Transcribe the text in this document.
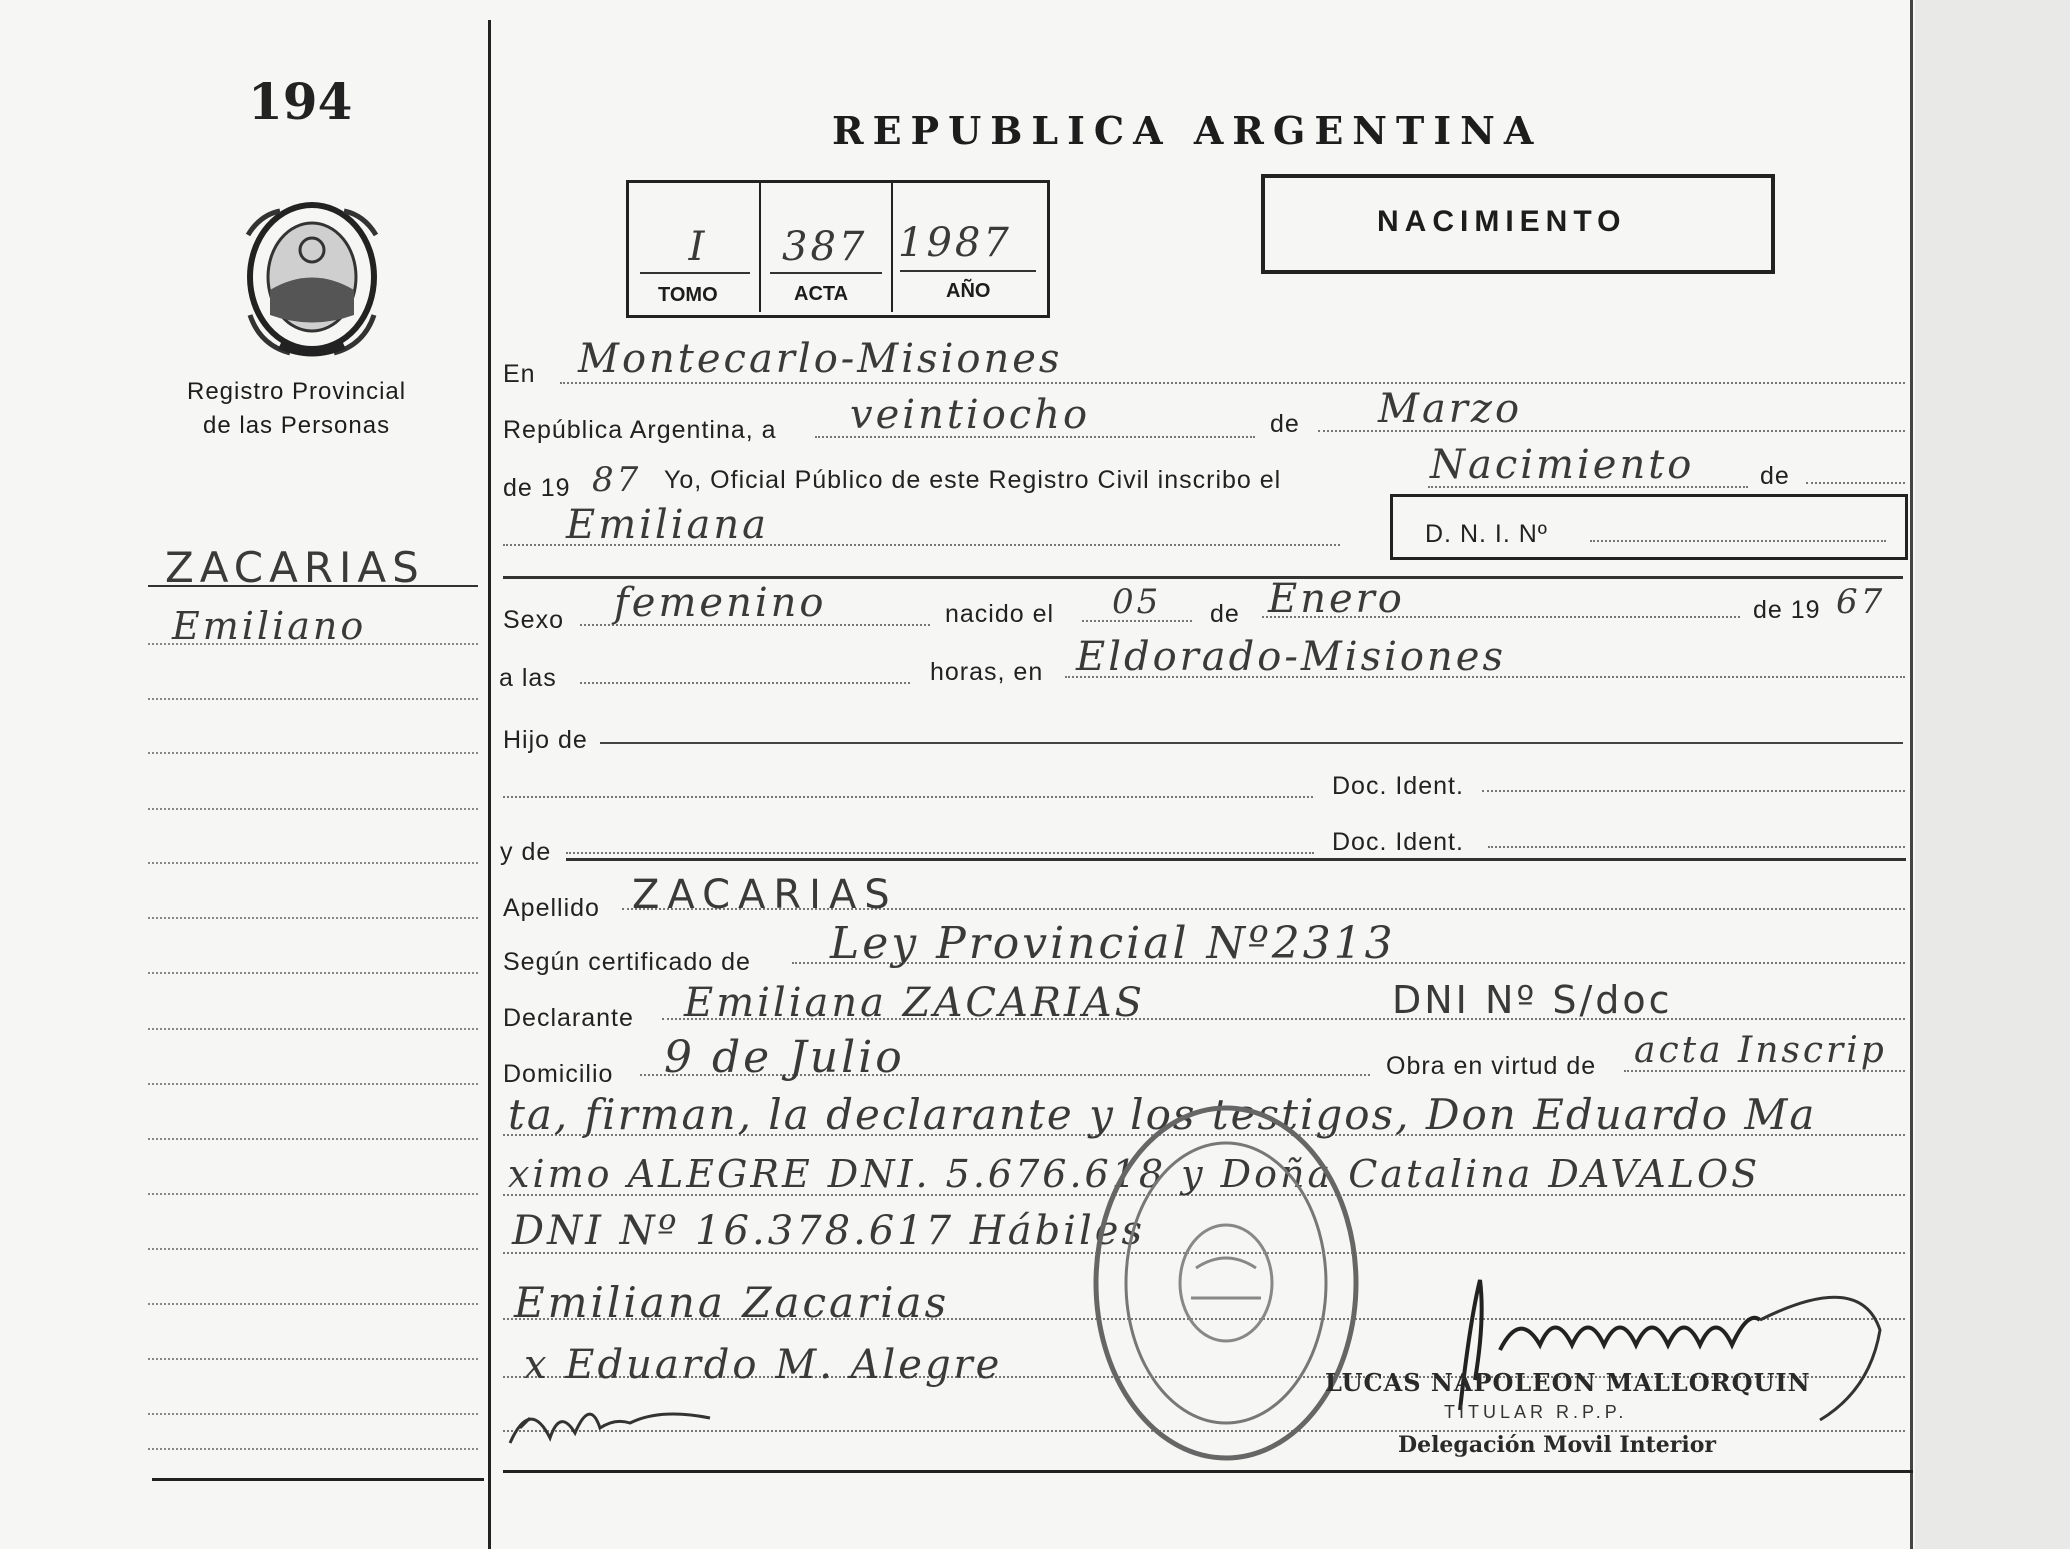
194
Registro Provincial
de las Personas
ZACARIAS
Emiliano
REPUBLICA ARGENTINA
I	387 1987
TOMO	ACTA	AÑO
NACIMIENTO
En Montecarlo-Misiones
República Argentina, a veintiocho	de Marzo
de 19 87 Yo, Oficial Público de este Registro Civil inscribo el	Nacimiento	de
Emiliana	D. N. I. Nº
Sexo femenino	nacido el 05 de Enero	de 19 67
a las	horas, en Eldorado-Misiones
Hijo de
Doc. Ident.
y de	Doc. Ident.
Apellido ZACARIAS
Según certificado de Ley Provincial Nº2313
Declarante Emiliana ZACARIAS	DNI Nº S/doc
Domicilio 9 de Julio	Obra en virtud de acta Inscrip
ta, firman, la declarante y los testigos, Don Eduardo Ma
ximo ALEGRE DNI. 5.676.618 y Doña Catalina DAVALOS
DNI Nº 16.378.617 Hábiles
Emiliana Zacarias
x Eduardo M. Alegre	LUCAS NAPOLEON MALLORQUIN
TITULAR R.P.P.
Delegación Movil Interior
